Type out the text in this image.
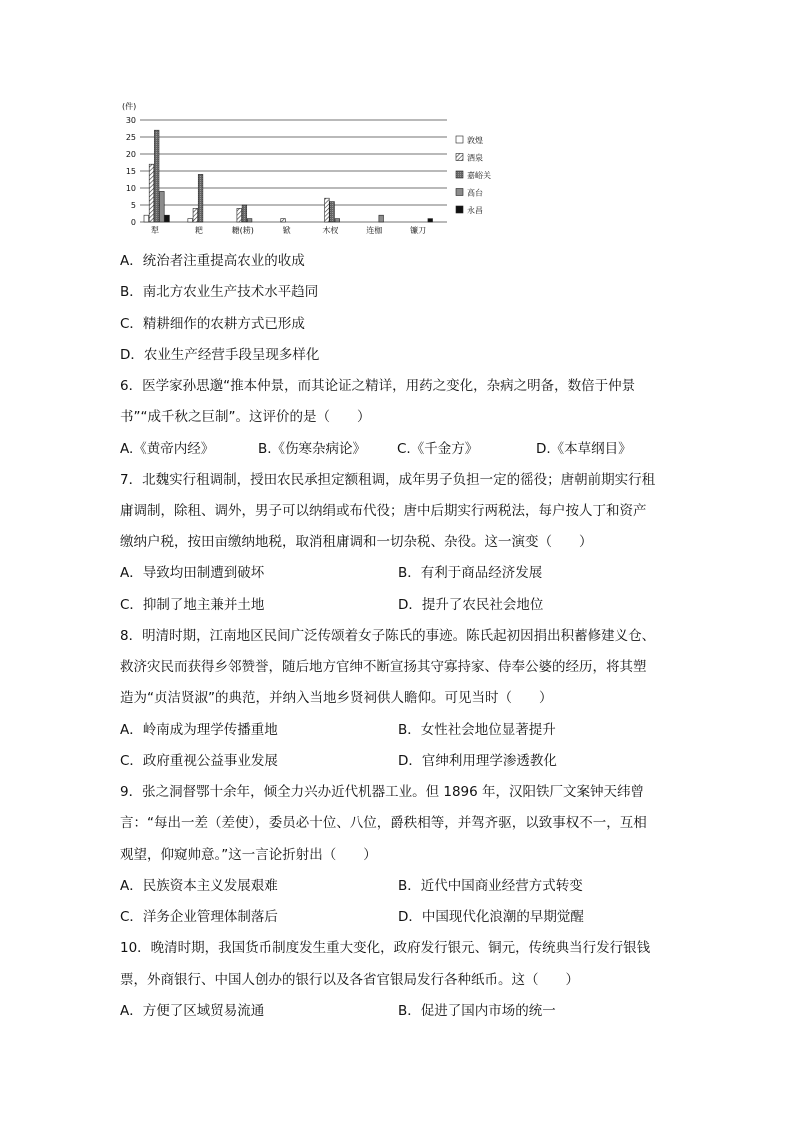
(件)
0
5
10
15
20
25
30
犁	耙	耱(耢)	锨	木杈	连枷	镰刀
敦煌
酒泉
嘉峪关
高台
永昌
A．统治者注重提高农业的收成
B．南北方农业生产技术水平趋同
C．精耕细作的农耕方式已形成
D．农业生产经营手段呈现多样化
6．医学家孙思邈“推本仲景，而其论证之精详，用药之变化，杂病之明备，数倍于仲景
书”“成千秋之巨制”。这评价的是（　　）
A.《黄帝内经》	B.《伤寒杂病论》 C.《千金方》	D.《本草纲目》
7．北魏实行租调制，授田农民承担定额租调，成年男子负担一定的徭役；唐朝前期实行租
庸调制，除租、调外，男子可以纳绢或布代役；唐中后期实行两税法，每户按人丁和资产
缴纳户税，按田亩缴纳地税，取消租庸调和一切杂税、杂役。这一演变（　　）
A．导致均田制遭到破坏	B．有利于商品经济发展
C．抑制了地主兼并土地	D．提升了农民社会地位
8．明清时期，江南地区民间广泛传颂着女子陈氏的事迹。陈氏起初因捐出积蓄修建义仓、
救济灾民而获得乡邻赞誉，随后地方官绅不断宣扬其守寡持家、侍奉公婆的经历，将其塑
造为“贞洁贤淑”的典范，并纳入当地乡贤祠供人瞻仰。可见当时（　　）
A．岭南成为理学传播重地	B．女性社会地位显著提升
C．政府重视公益事业发展	D．官绅利用理学渗透教化
9．张之洞督鄂十余年，倾全力兴办近代机器工业。但 1896 年，汉阳铁厂文案钟天纬曾
言：“每出一差（差使），委员必十位、八位，爵秩相等，并驾齐驱，以致事权不一，互相
观望，仰窥帅意。”这一言论折射出（　　）
A．民族资本主义发展艰难	B．近代中国商业经营方式转变
C．洋务企业管理体制落后	D．中国现代化浪潮的早期觉醒
10．晚清时期，我国货币制度发生重大变化，政府发行银元、铜元，传统典当行发行银钱
票，外商银行、中国人创办的银行以及各省官银局发行各种纸币。这（　　）
A．方便了区域贸易流通	B．促进了国内市场的统一
